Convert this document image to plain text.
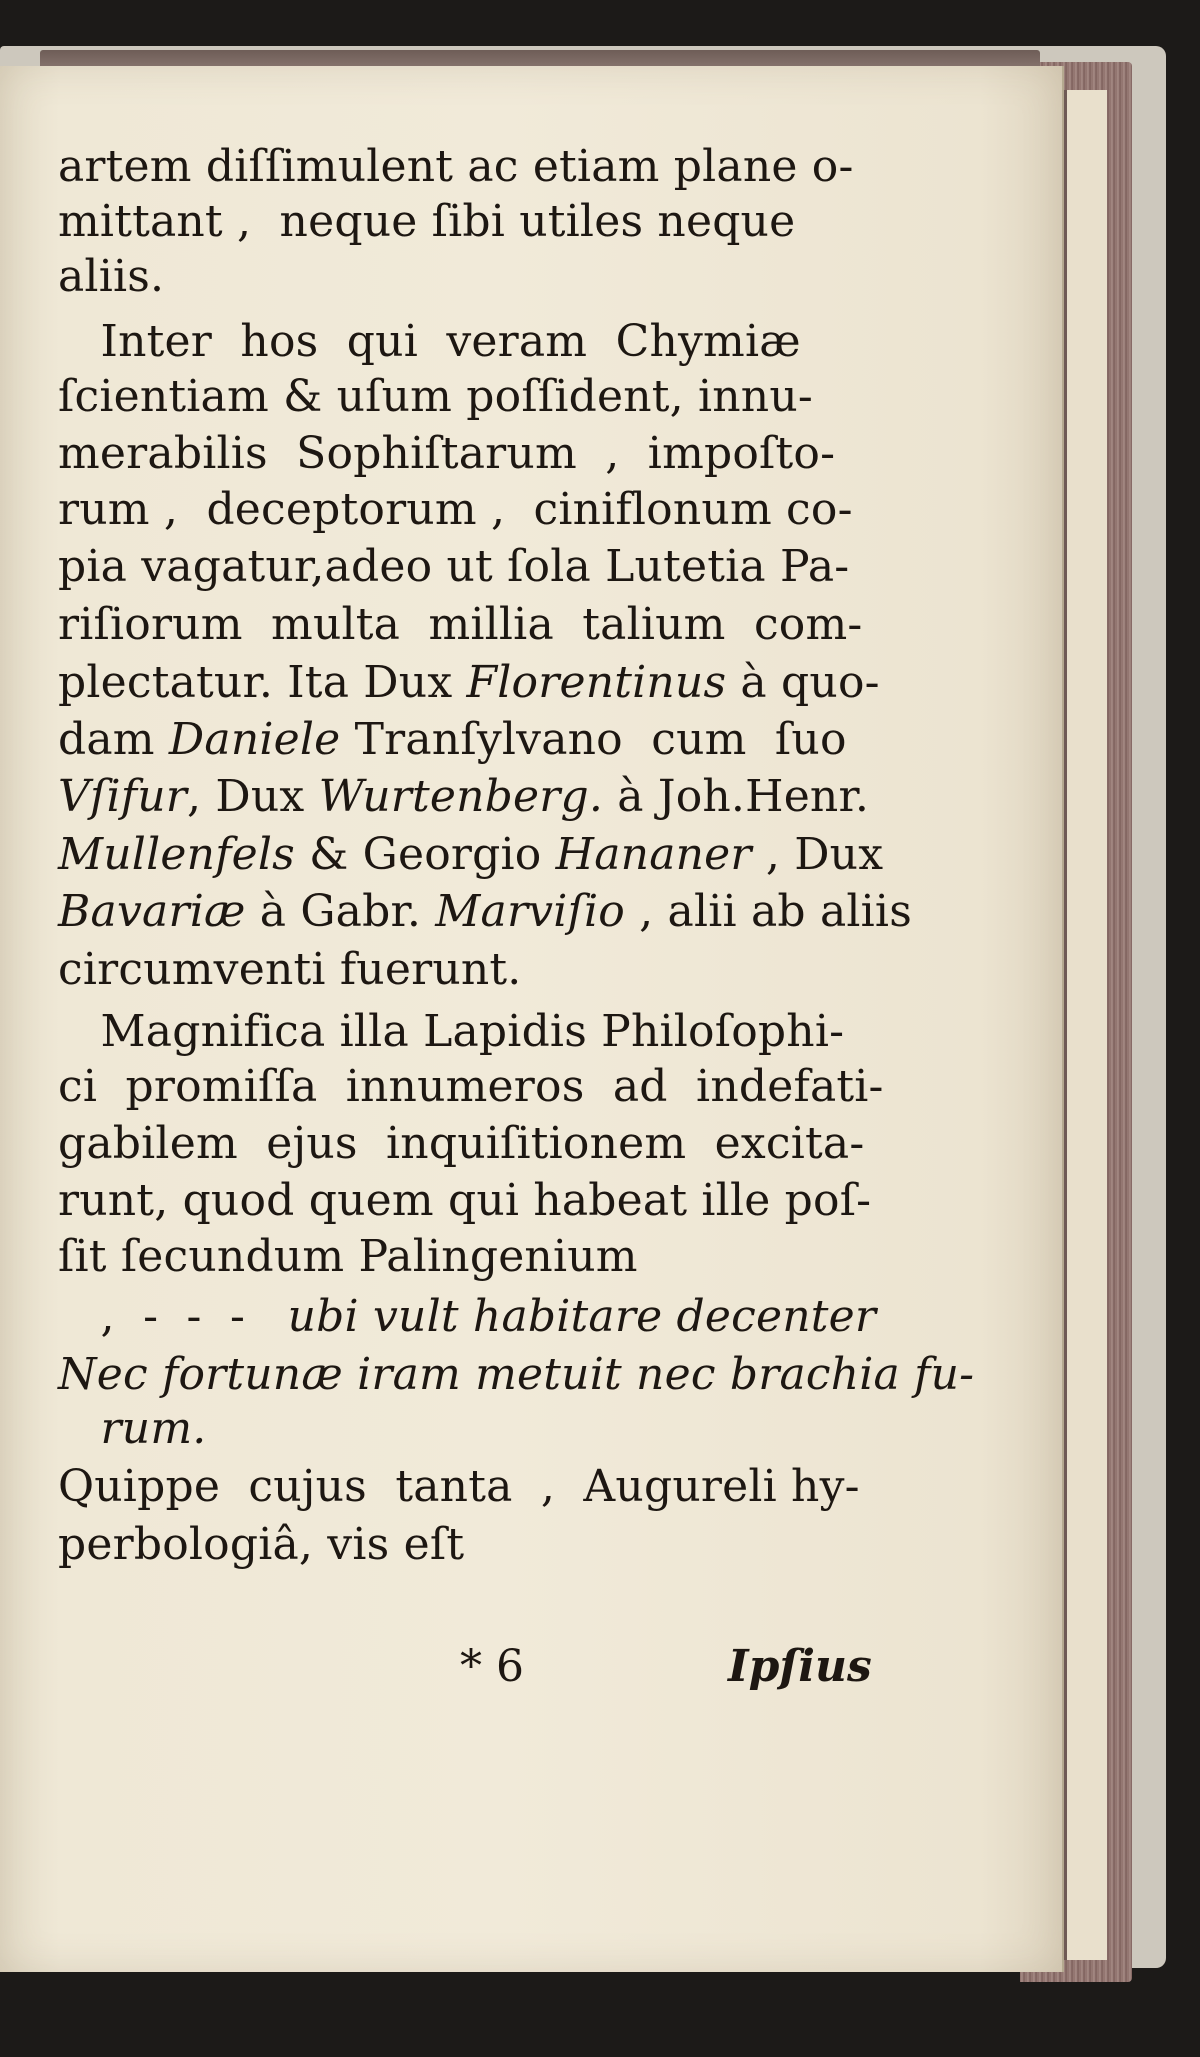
artem diſſimulent ac etiam plane o-
mittant ,  neque ſibi utiles neque
aliis.
Inter  hos  qui  veram  Chymiæ
ſcientiam & uſum poſſident, innu-
merabilis  Sophiſtarum  ,  impoſto-
rum ,  deceptorum ,  ciniflonum co-
pia vagatur,adeo ut ſola Lutetia Pa-
riſiorum  multa  millia  talium  com-
plectatur. Ita Dux Florentinus à quo-
dam Daniele Tranſylvano  cum  ſuo
Vſifur, Dux Wurtenberg. à Joh.Henr.
Mullenfels & Georgio Hananer , Dux
Bavariæ à Gabr. Marviſio , alii ab aliis
circumventi fuerunt.
Magnifica illa Lapidis Philoſophi-
ci  promiſſa  innumeros  ad  indefati-
gabilem  ejus  inquiſitionem  excita-
runt, quod quem qui habeat ille poſ-
ſit ſecundum Palingenium
,  -  -  -   ubi vult habitare decenter
Nec fortunæ iram metuit nec brachia fu-
rum.
Quippe  cujus  tanta  ,  Augureli hy-
perbologiâ, vis eſt
* 6	Ipſius
